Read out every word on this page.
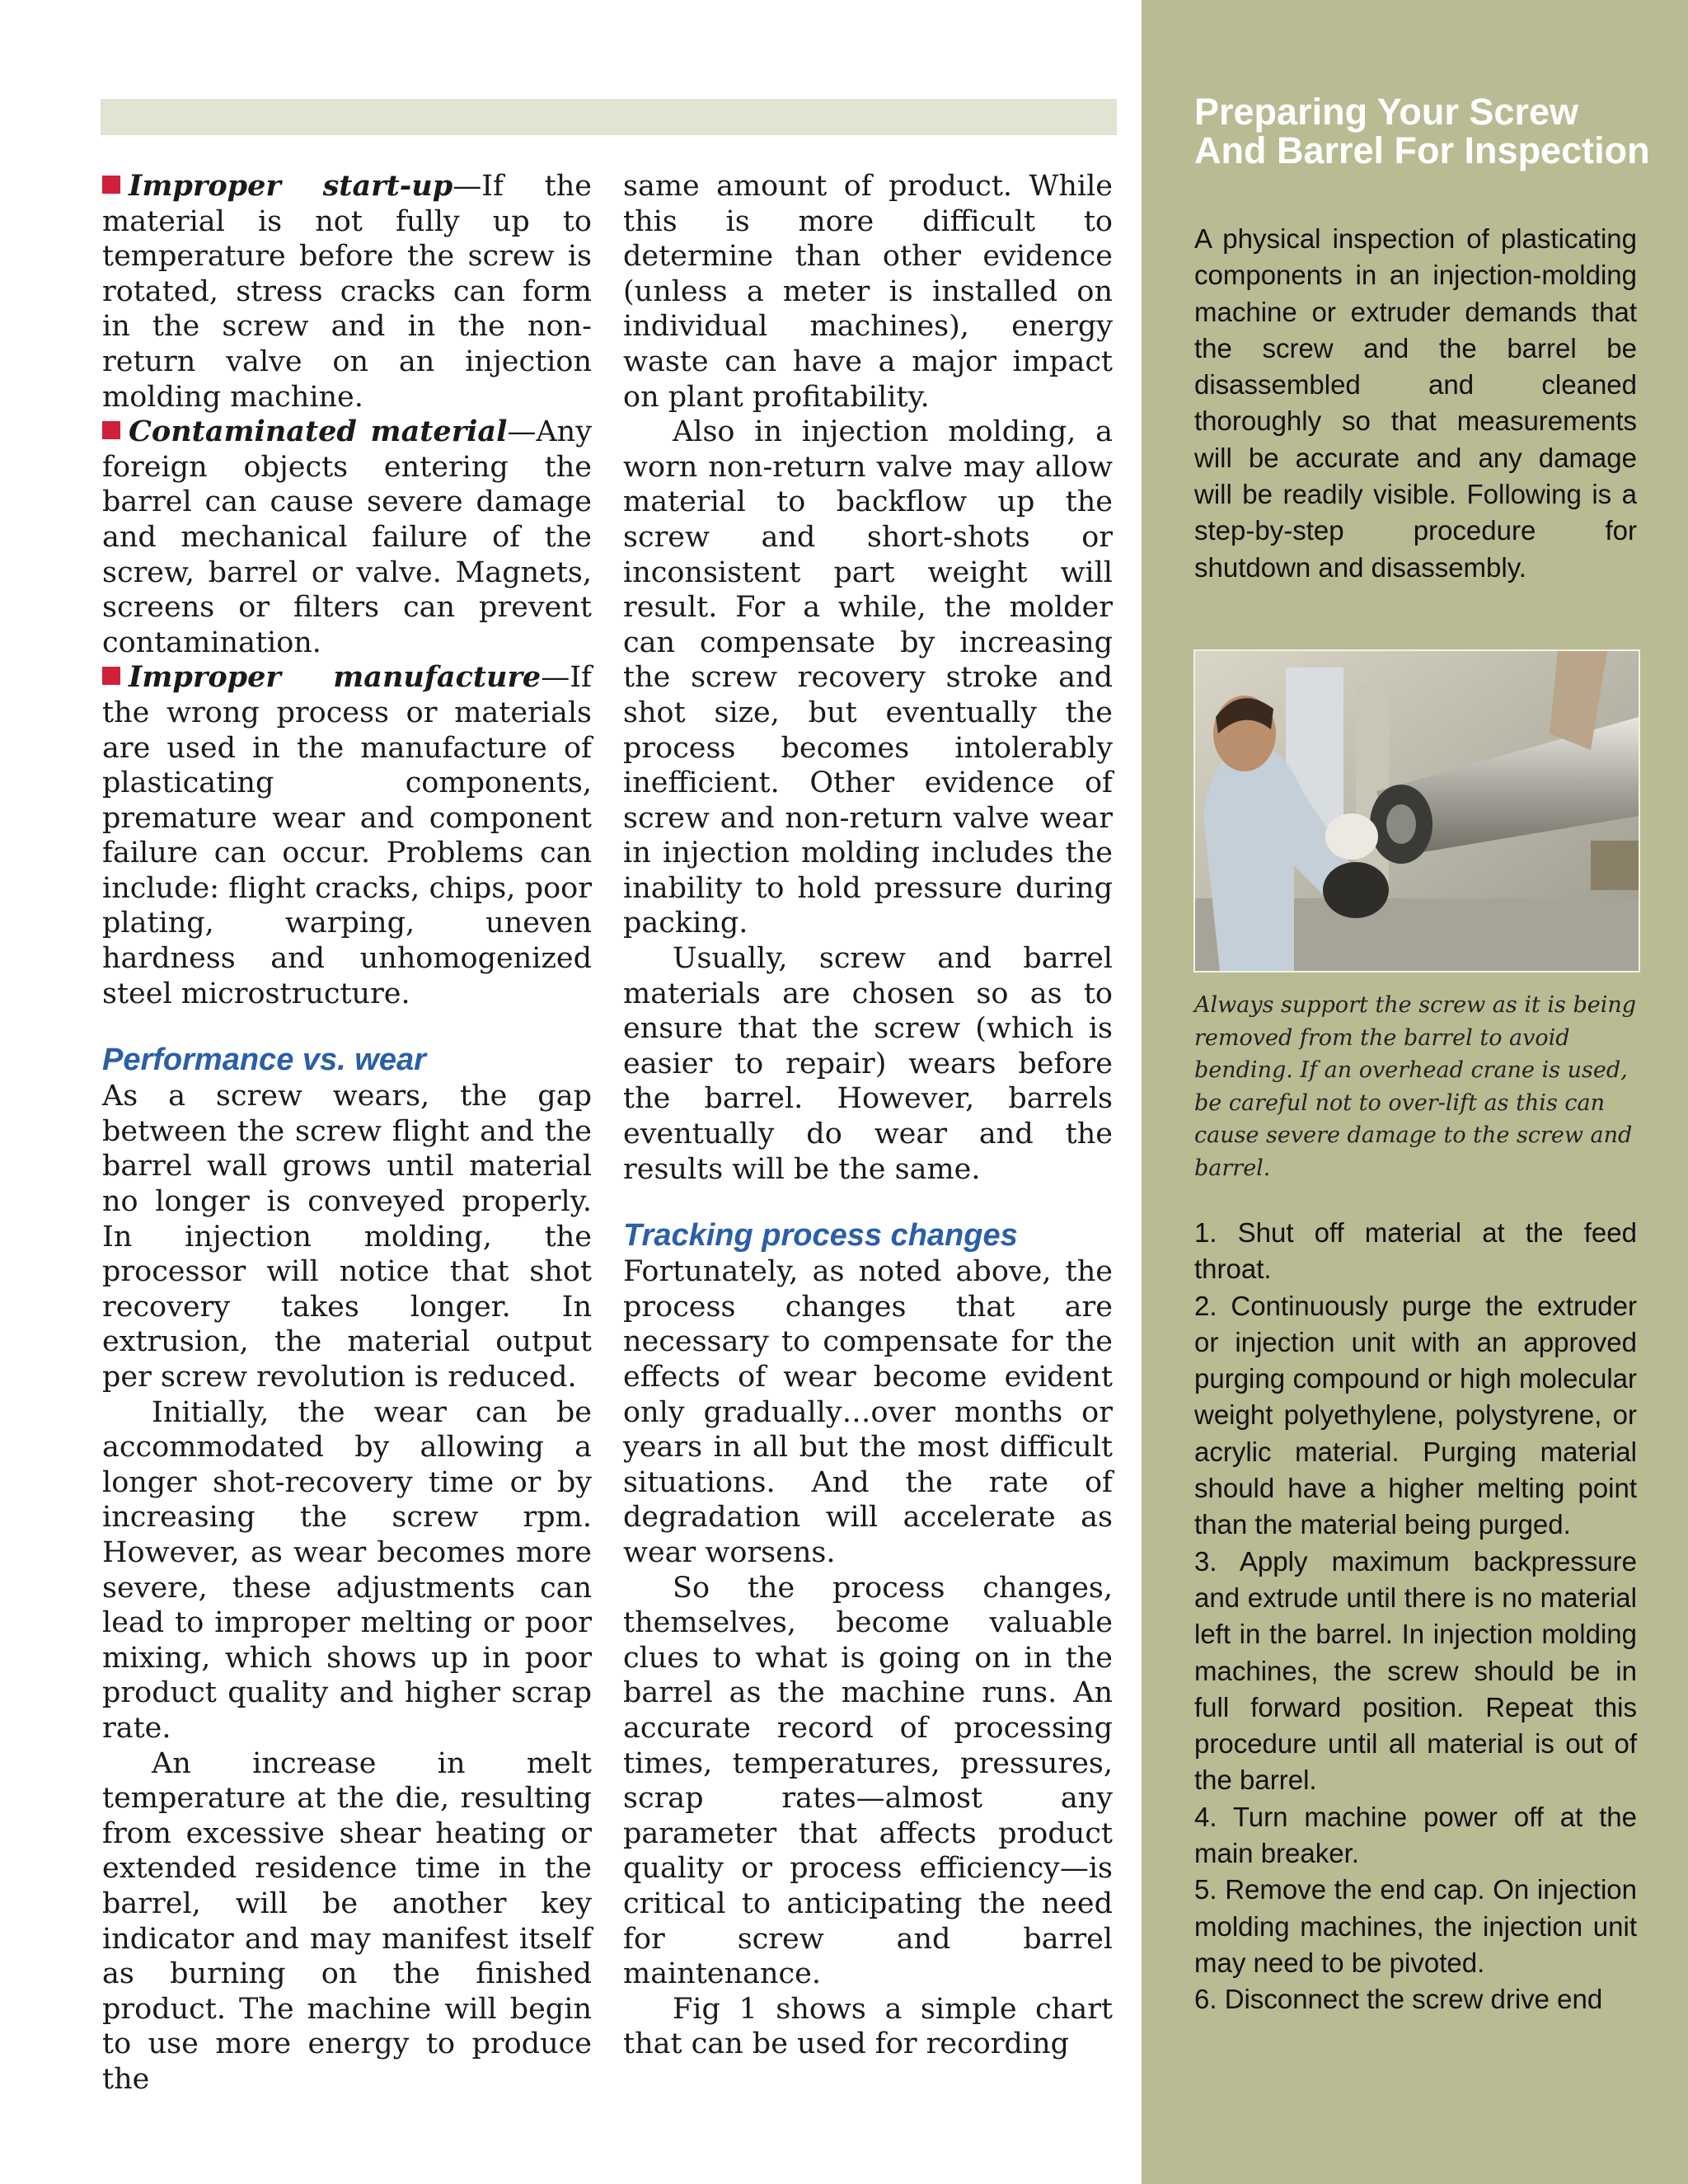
Improper start-up—If the material is not fully up to temperature before the screw is rotated, stress cracks can form in the screw and in the non-return valve on an injection molding machine.

Contaminated material—Any foreign objects entering the barrel can cause severe damage and mechanical failure of the screw, barrel or valve. Magnets, screens or filters can prevent contamination.

Improper manufacture—If the wrong process or materials are used in the manufacture of plasticating components, premature wear and component failure can occur. Problems can include: flight cracks, chips, poor plating, warping, uneven hardness and unhomogenized steel microstructure.

Performance vs. wear

As a screw wears, the gap between the screw flight and the barrel wall grows until material no longer is conveyed properly. In injection molding, the processor will notice that shot recovery takes longer. In extrusion, the material output per screw revolution is reduced.

Initially, the wear can be accommodated by allowing a longer shot-recovery time or by increasing the screw rpm. However, as wear becomes more severe, these adjustments can lead to improper melting or poor mixing, which shows up in poor product quality and higher scrap rate.

An increase in melt temperature at the die, resulting from excessive shear heating or extended residence time in the barrel, will be another key indicator and may manifest itself as burning on the finished product. The machine will begin to use more energy to produce the

same amount of product. While this is more difficult to determine than other evidence (unless a meter is installed on individual machines), energy waste can have a major impact on plant profitability.

Also in injection molding, a worn non-return valve may allow material to backflow up the screw and short-shots or inconsistent part weight will result. For a while, the molder can compensate by increasing the screw recovery stroke and shot size, but eventually the process becomes intolerably inefficient. Other evidence of screw and non-return valve wear in injection molding includes the inability to hold pressure during packing.

Usually, screw and barrel materials are chosen so as to ensure that the screw (which is easier to repair) wears before the barrel. However, barrels eventually do wear and the results will be the same.

Tracking process changes

Fortunately, as noted above, the process changes that are necessary to compensate for the effects of wear become evident only gradually…over months or years in all but the most difficult situations. And the rate of degradation will accelerate as wear worsens.

So the process changes, themselves, become valuable clues to what is going on in the barrel as the machine runs. An accurate record of processing times, temperatures, pressures, scrap rates—almost any parameter that affects product quality or process efficiency—is critical to anticipating the need for screw and barrel maintenance.

Fig 1 shows a simple chart that can be used for recording

Preparing Your Screw And Barrel For Inspection

A physical inspection of plasticating components in an injection-molding machine or extruder demands that the screw and the barrel be disassembled and cleaned thoroughly so that measurements will be accurate and any damage will be readily visible. Following is a step-by-step procedure for shutdown and disassembly.

Always support the screw as it is being removed from the barrel to avoid bending. If an overhead crane is used, be careful not to over-lift as this can cause severe damage to the screw and barrel.

1. Shut off material at the feed throat.

2. Continuously purge the extruder or injection unit with an approved purging compound or high molecular weight polyethylene, polystyrene, or acrylic material. Purging material should have a higher melting point than the material being purged.

3. Apply maximum backpressure and extrude until there is no material left in the barrel. In injection molding machines, the screw should be in full forward position. Repeat this procedure until all material is out of the barrel.

4. Turn machine power off at the main breaker.

5. Remove the end cap. On injection molding machines, the injection unit may need to be pivoted.

6. Disconnect the screw drive end
